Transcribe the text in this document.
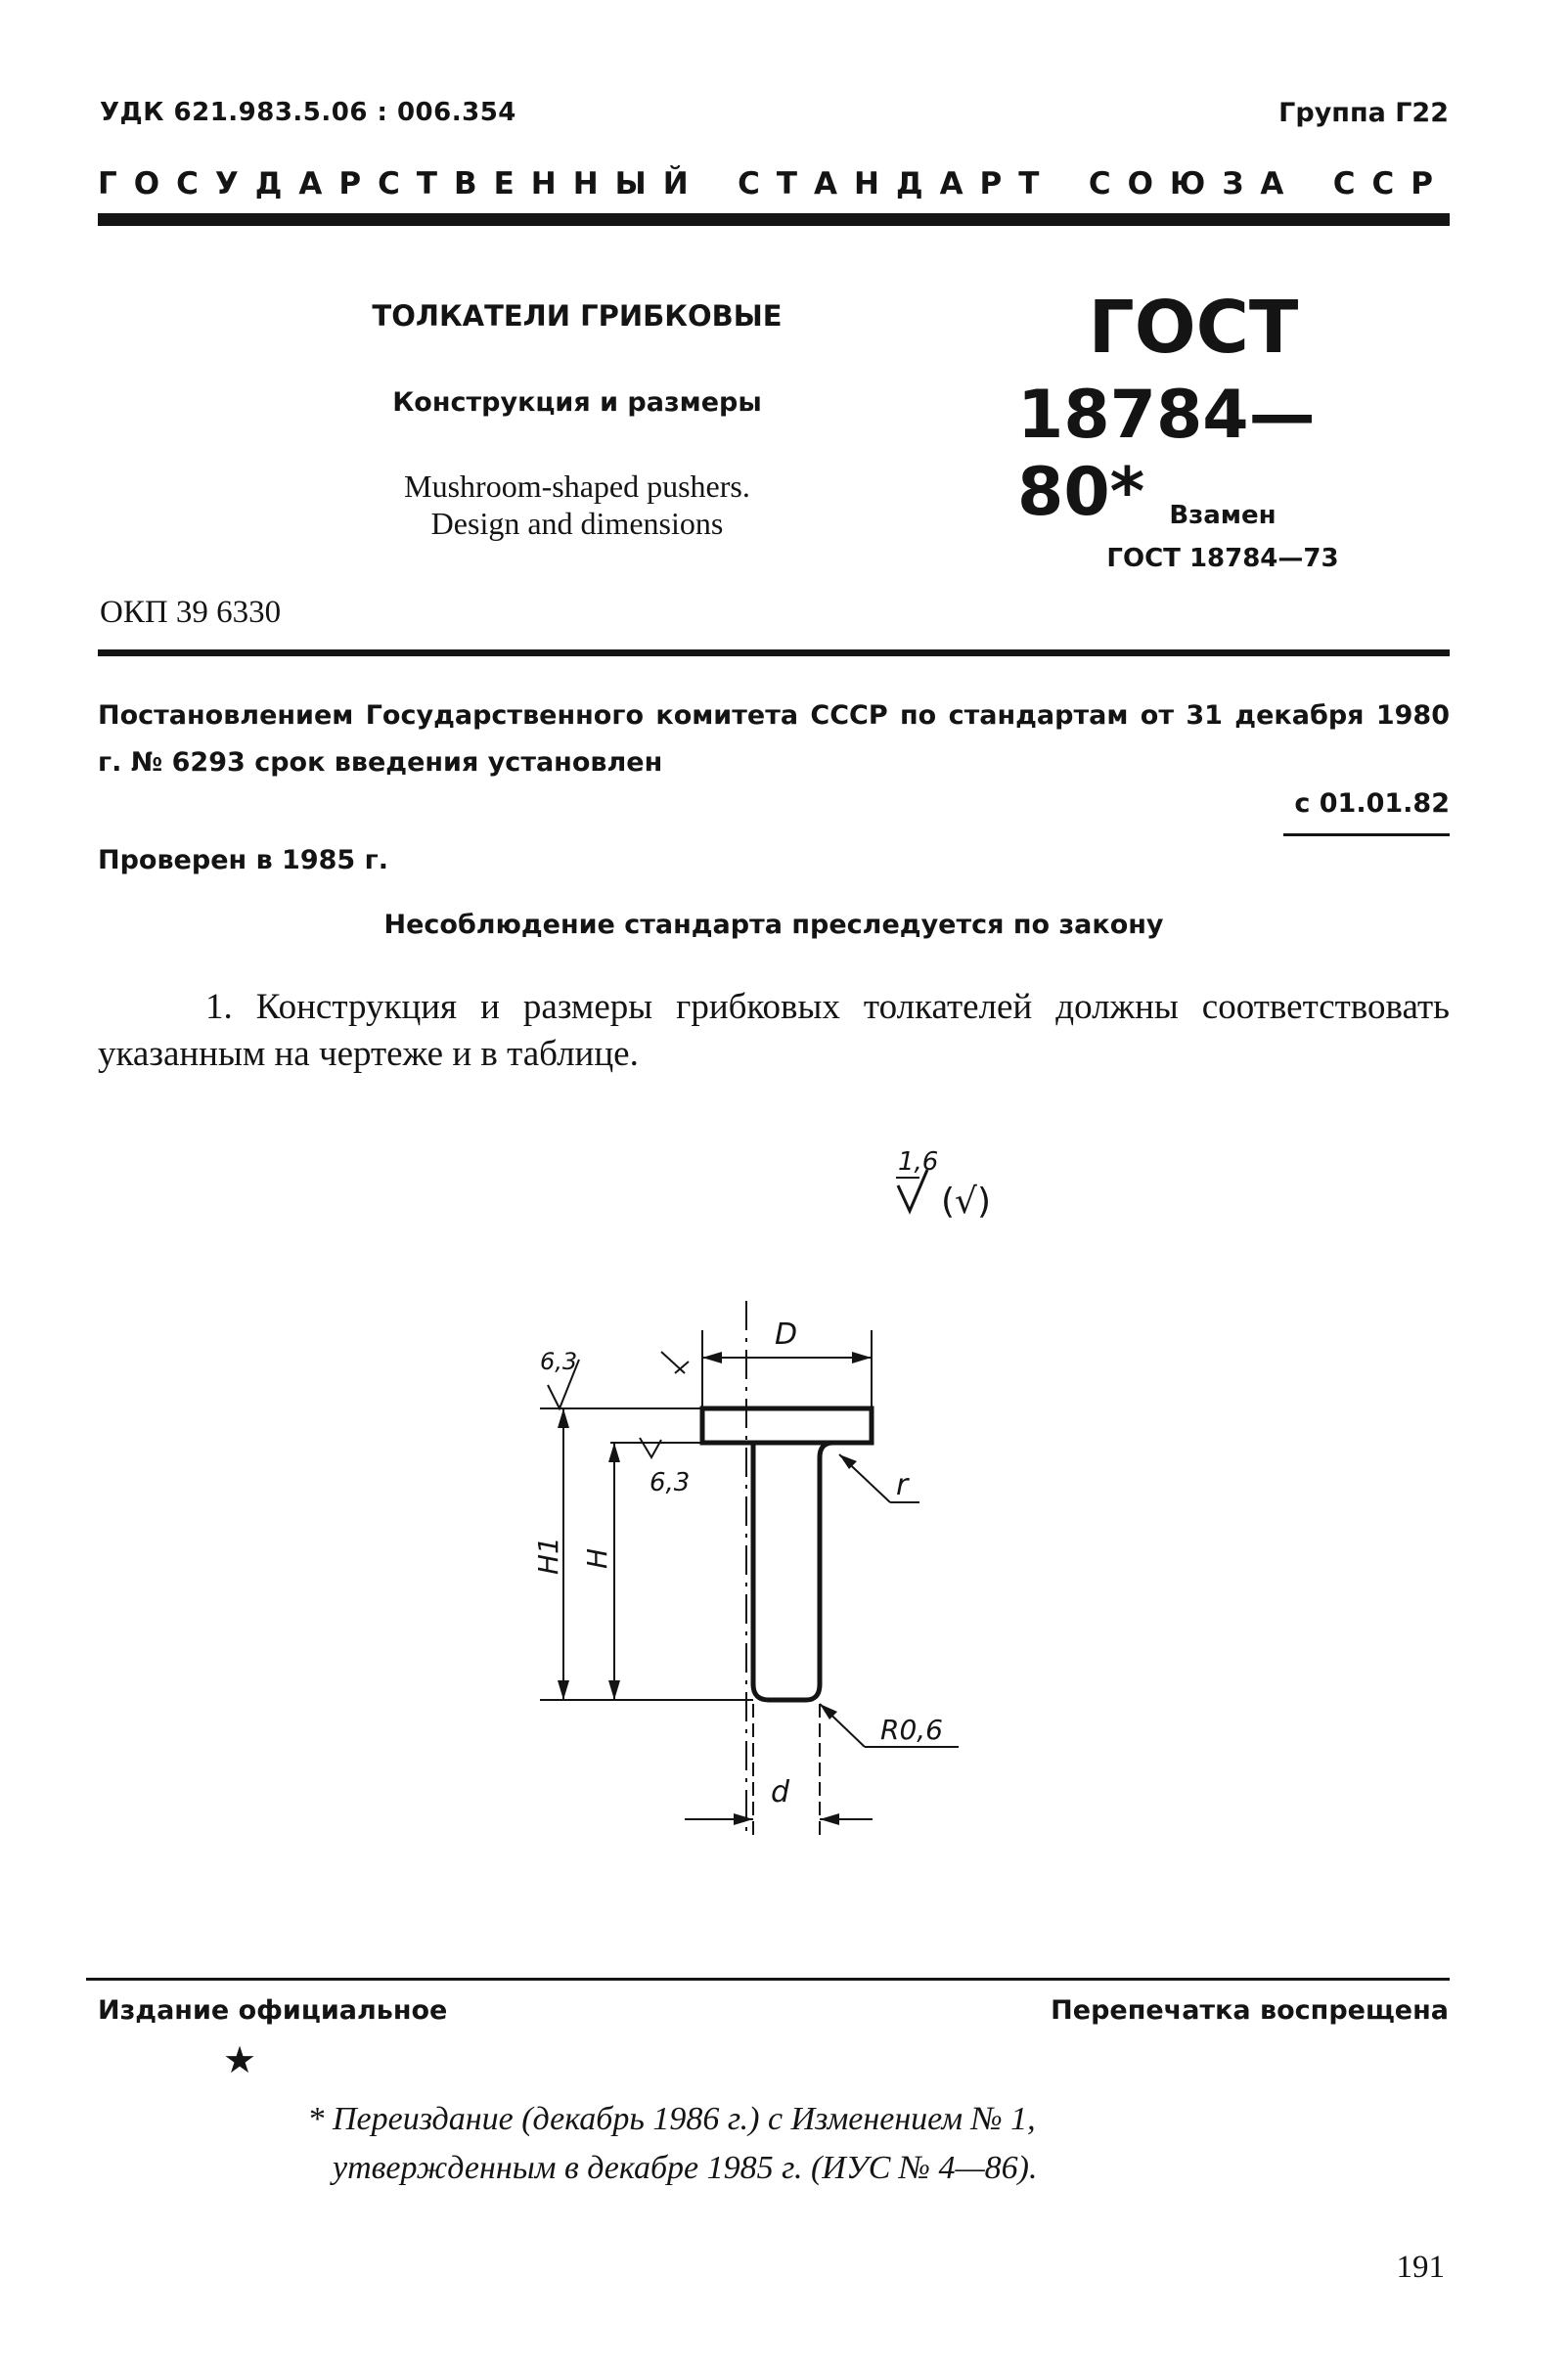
УДК 621.983.5.06 : 006.354	Группа Г22
ГОСУДАРСТВЕННЫЙ СТАНДАРТ СОЮЗА ССР
ТОЛКАТЕЛИ ГРИБКОВЫЕ
Конструкция и размеры
Mushroom-shaped pushers.
Design and dimensions
ГОСТ
18784—80* Взамен
ГОСТ 18784—73
ОКП 39 6330
Постановлением Государственного комитета СССР по стандартам от 31 декабря 1980 г. № 6293 срок введения установлен
с 01.01.82
Проверен в 1985 г.
Несоблюдение стандарта преследуется по закону
1. Конструкция и размеры грибковых толкателей должны соответствовать указанным на чертеже и в таблице.
1,6
(√)
D
6,3
6,3	r
H1 H
R0,6
d
Издание официальное	Перепечатка воспрещена
★
* Переиздание (декабрь 1986 г.) с Изменением № 1,
утвержденным в декабре 1985 г. (ИУС № 4—86).
191
